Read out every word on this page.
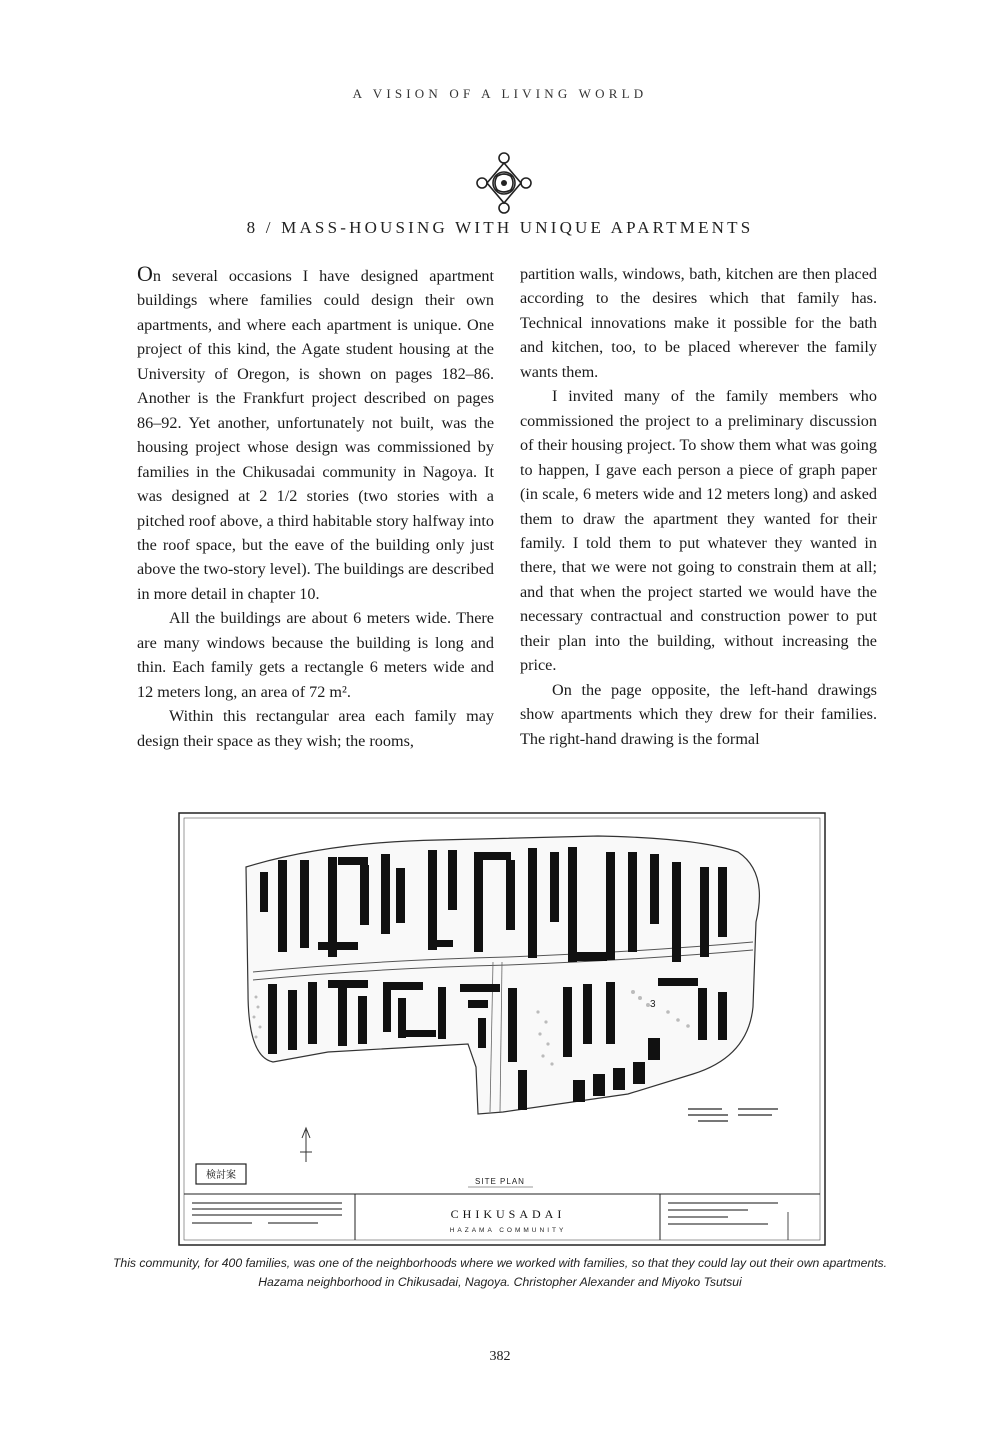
A VISION OF A LIVING WORLD
8 / MASS-HOUSING WITH UNIQUE APARTMENTS

On several occasions I have designed apartment buildings where families could design their own apartments, and where each apartment is unique. One project of this kind, the Agate student housing at the University of Oregon, is shown on pages 182–86. Another is the Frankfurt project described on pages 86–92. Yet another, unfortunately not built, was the housing project whose design was commissioned by families in the Chikusadai community in Nagoya. It was designed at 2 1/2 stories (two stories with a pitched roof above, a third habitable story halfway into the roof space, but the eave of the building only just above the two-story level). The buildings are described in more detail in chapter 10.

All the buildings are about 6 meters wide. There are many windows because the building is long and thin. Each family gets a rectangle 6 meters wide and 12 meters long, an area of 72 m².

Within this rectangular area each family may design their space as they wish; the rooms,

partition walls, windows, bath, kitchen are then placed according to the desires which that family has. Technical innovations make it possible for the bath and kitchen, too, to be placed wherever the family wants them.

I invited many of the family members who commissioned the project to a preliminary discussion of their housing project. To show them what was going to happen, I gave each person a piece of graph paper (in scale, 6 meters wide and 12 meters long) and asked them to draw the apartment they wanted for their family. I told them to put whatever they wanted in there, that we were not going to constrain them at all; and that when the project started we would have the necessary contractual and construction power to put their plan into the building, without increasing the price.

On the page opposite, the left-hand drawings show apartments which they drew for their families. The right-hand drawing is the formal

3
検討案
SITE PLAN
CHIKUSADAI
HAZAMA COMMUNITY
This community, for 400 families, was one of the neighborhoods where we worked with families, so that they could lay out their own apartments. Hazama neighborhood in Chikusadai, Nagoya. Christopher Alexander and Miyoko Tsutsui
382
